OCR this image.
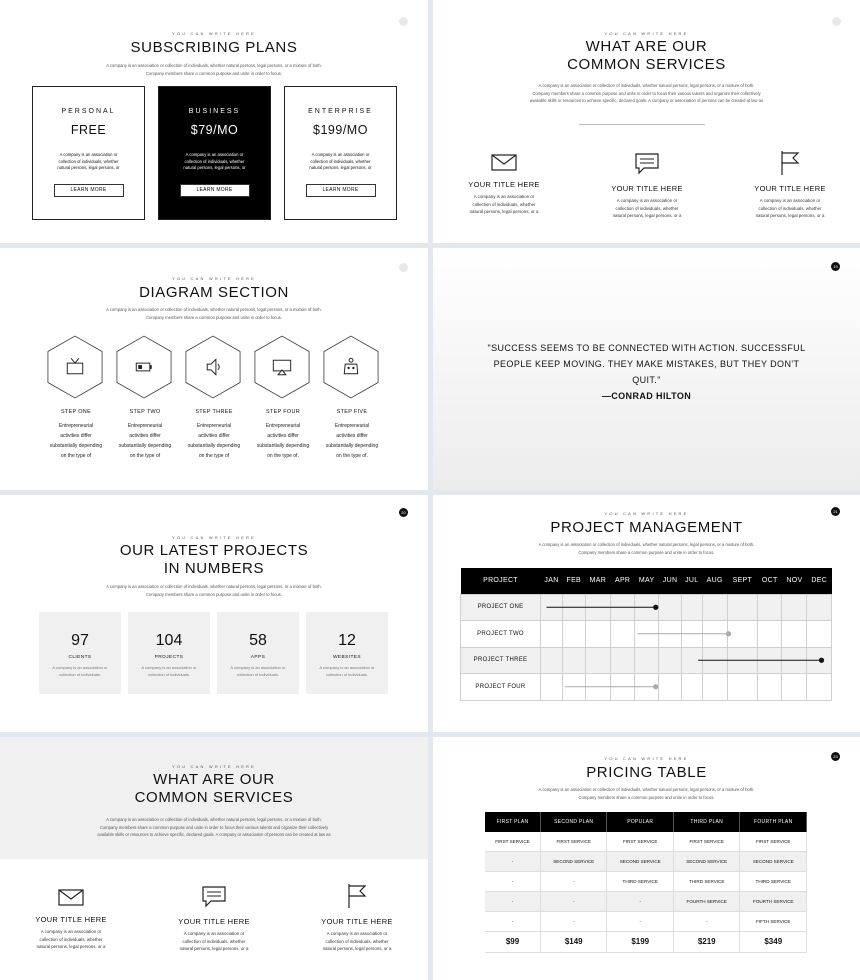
YOU CAN WRITE HERE
SUBSCRIBING PLANS
A company is an association or collection of individuals, whether natural persons, legal persons, or a mixture of both.
Company members share a common purpose and unite in order to focus.
PERSONAL
FREE
A company is an association or collection of individuals, whether natural persons, legal persons, or
LEARN MORE
BUSINESS
$79/MO
A company is an association or collection of individuals, whether natural persons, legal persons, or
LEARN MORE
ENTERPRISE
$199/MO
A company is an association or collection of individuals, whether natural persons, legal persons, or
LEARN MORE
YOU CAN WRITE HERE
WHAT ARE OUR
COMMON SERVICES
A company is an association or collection of individuals, whether natural persons, legal persons, or a mixture of both.
Company members share a common purpose and unite in order to focus their various talents and organize their collectively
available skills or resources to achieve specific, declared goals. A company or association of persons can be created at law as
YOUR TITLE HERE
A company is an association or
collection of individuals, whether
natural persons, legal persons, or a
YOUR TITLE HERE
A company is an association or
collection of individuals, whether
natural persons, legal persons, or a
YOUR TITLE HERE
A company is an association or
collection of individuals, whether
natural persons, legal persons, or a
YOU CAN WRITE HERE
DIAGRAM SECTION
A company is an association or collection of individuals, whether natural persons, legal persons, or a mixture of both.
Company members share a common purpose and unite in order to focus.
STEP ONE
Entrepreneurial
activities differ
substantially depending
on the type of
STEP TWO
Entrepreneurial
activities differ
substantially depending
on the type of
STEP THREE
Entrepreneurial
activities differ
substantially depending
on the type of
STEP FOUR
Entrepreneurial
activities differ
substantially depending
on the type of.
STEP FIVE
Entrepreneurial
activities differ
substantially depending
on the type of.
19
"SUCCESS SEEMS TO BE CONNECTED WITH ACTION. SUCCESSFUL
PEOPLE KEEP MOVING. THEY MAKE MISTAKES, BUT THEY DON'T
QUIT."
—CONRAD HILTON
20
YOU CAN WRITE HERE
OUR LATEST PROJECTS
IN NUMBERS
A company is an association or collection of individuals, whether natural persons, legal persons, or a mixture of both.
Company members share a common purpose and unite in order to focus.
97
CLIENTS
A company is an association or
collection of individuals.
104
PROJECTS
A company is an association or
collection of individuals.
58
APPS
A company is an association or
collection of individuals.
12
WEBSITES
A company is an association or
collection of individuals.
21
YOU CAN WRITE HERE
PROJECT MANAGEMENT
A company is an association or collection of individuals, whether natural persons, legal persons, or a mixture of both.
Company members share a common purpose and unite in order to focus.
PROJECT	JAN	FEB	MAR	APR	MAY	JUN	JUL	AUG	SEPT	OCT	NOV	DEC
PROJECT ONE												
PROJECT TWO												
PROJECT THREE												
PROJECT FOUR												
YOU CAN WRITE HERE
WHAT ARE OUR
COMMON SERVICES
A company is an association or collection of individuals, whether natural persons, legal persons, or a mixture of both.
Company members share a common purpose and unite in order to focus their various talents and organize their collectively
available skills or resources to achieve specific, declared goals. A company or association of persons can be created at law as
YOUR TITLE HERE
A company is an association or
collection of individuals, whether
natural persons, legal persons, or a
YOUR TITLE HERE
A company is an association or
collection of individuals, whether
natural persons, legal persons, or a
YOUR TITLE HERE
A company is an association or
collection of individuals, whether
natural persons, legal persons, or a
23
YOU CAN WRITE HERE
PRICING TABLE
A company is an association or collection of individuals, whether natural persons, legal persons, or a mixture of both.
Company members share a common purpose and unite in order to focus.
FIRST PLAN	SECOND PLAN	POPULAR	THIRD PLAN	FOURTH PLAN
FIRST SERVICE	FIRST SERVICE	FIRST SERVICE	FIRST SERVICE	FIRST SERVICE
-	SECOND SERVICE	SECOND SERVICE	SECOND SERVICE	SECOND SERVICE
-	-	THIRD SERVICE	THIRD SERVICE	THIRD SERVICE
-	-	-	FOURTH SERVICE	FOURTH SERVICE
-	-	-	-	FIFTH SERVICE
$99	$149	$199	$219	$349
